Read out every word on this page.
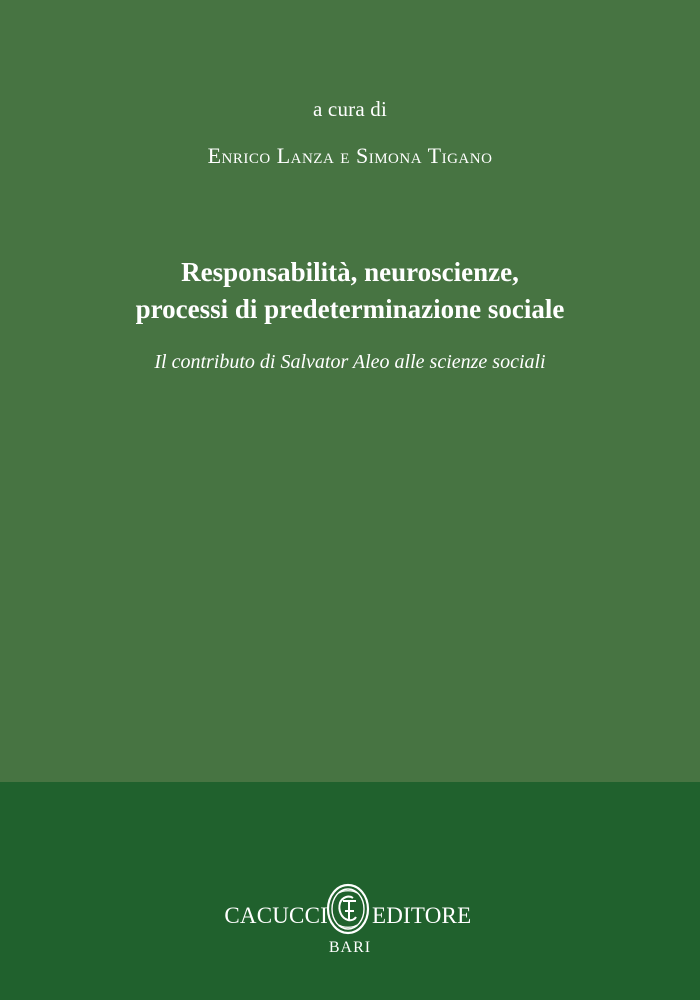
a cura di
Enrico Lanza e Simona Tigano
Responsabilità, neuroscienze,
processi di predeterminazione sociale
Il contributo di Salvator Aleo alle scienze sociali
CACUCCI EDITORE
BARI
